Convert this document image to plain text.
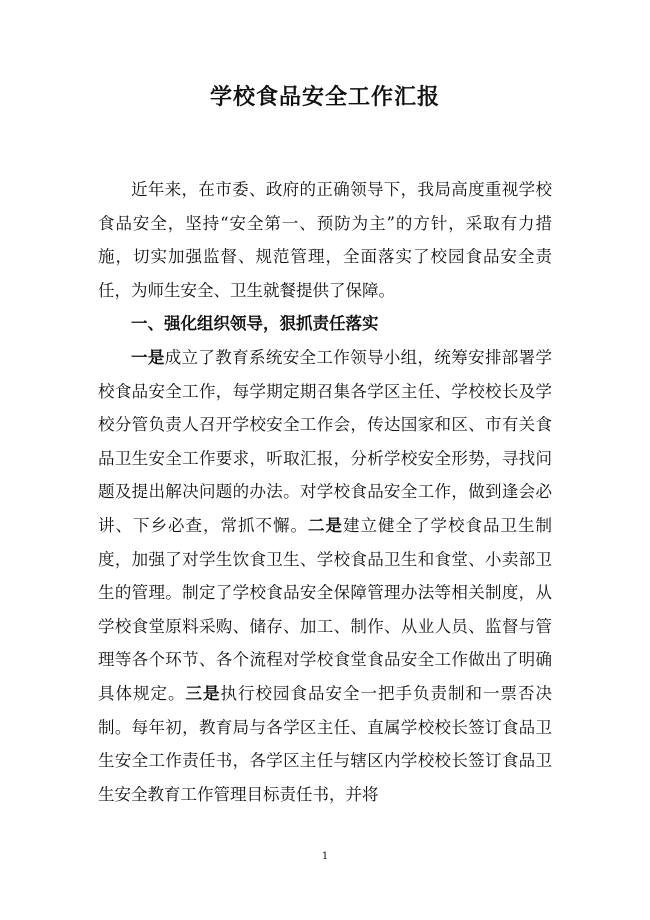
学校食品安全工作汇报

近年来，在市委、政府的正确领导下，我局高度重视学校食品安全，坚持“安全第一、预防为主”的方针，采取有力措施，切实加强监督、规范管理，全面落实了校园食品安全责任，为师生安全、卫生就餐提供了保障。

一、强化组织领导，狠抓责任落实

一是成立了教育系统安全工作领导小组，统筹安排部署学校食品安全工作，每学期定期召集各学区主任、学校校长及学校分管负责人召开学校安全工作会，传达国家和区、市有关食品卫生安全工作要求，听取汇报，分析学校安全形势，寻找问题及提出解决问题的办法。对学校食品安全工作，做到逢会必讲、下乡必查，常抓不懈。二是建立健全了学校食品卫生制度，加强了对学生饮食卫生、学校食品卫生和食堂、小卖部卫生的管理。制定了学校食品安全保障管理办法等相关制度，从学校食堂原料采购、储存、加工、制作、从业人员、监督与管理等各个环节、各个流程对学校食堂食品安全工作做出了明确具体规定。三是执行校园食品安全一把手负责制和一票否决制。每年初，教育局与各学区主任、直属学校校长签订食品卫生安全工作责任书，各学区主任与辖区内学校校长签订食品卫生安全教育工作管理目标责任书，并将

1
